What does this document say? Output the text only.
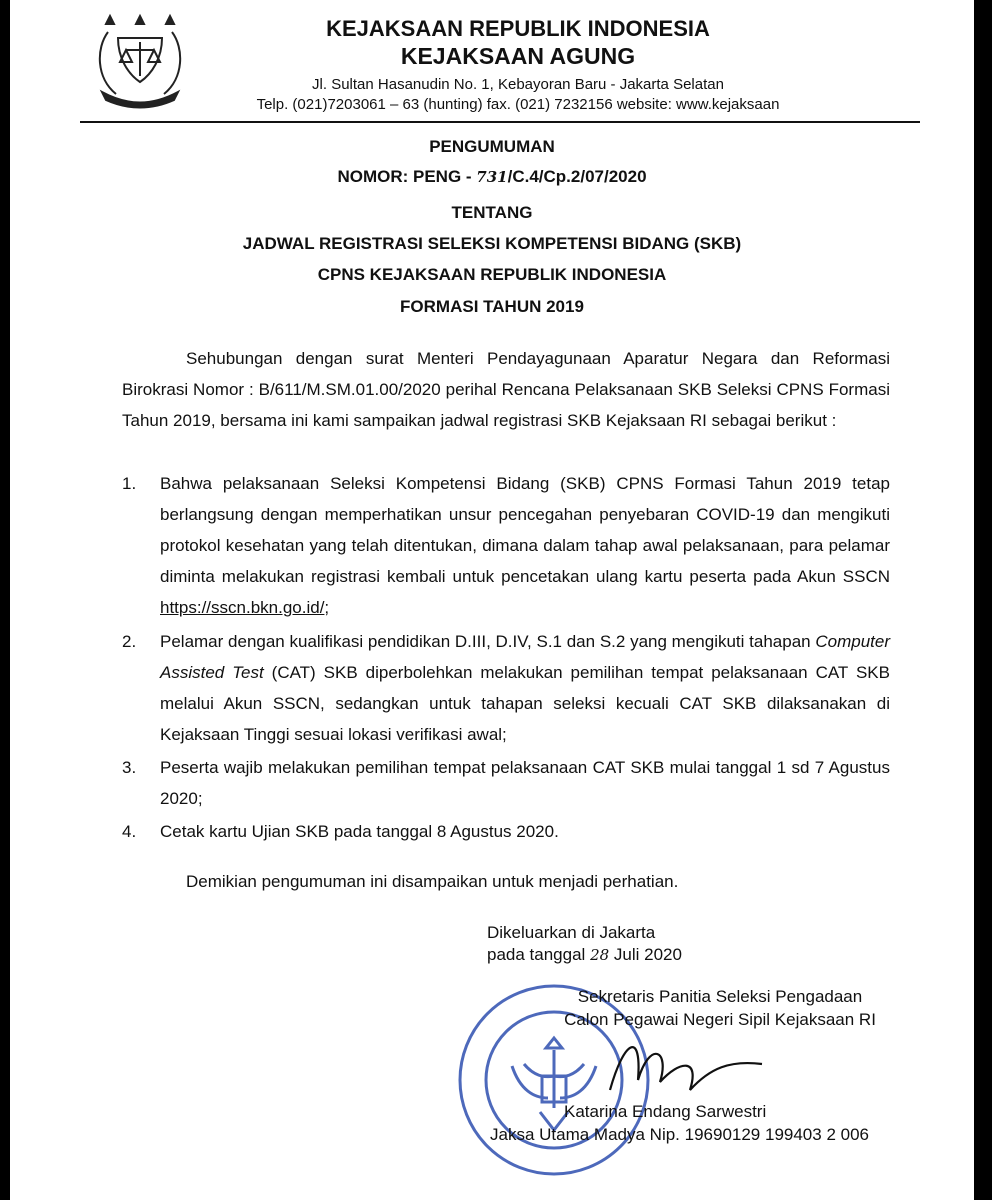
KEJAKSAAN REPUBLIK INDONESIA

KEJAKSAAN AGUNG

Jl. Sultan Hasanudin No. 1, Kebayoran Baru - Jakarta Selatan

Telp. (021)7203061 – 63 (hunting) fax. (021) 7232156 website: www.kejaksaan

PENGUMUMAN

NOMOR: PENG - 731/C.4/Cp.2/07/2020

TENTANG

JADWAL REGISTRASI SELEKSI KOMPETENSI BIDANG (SKB)

CPNS KEJAKSAAN REPUBLIK INDONESIA

FORMASI TAHUN 2019

Sehubungan dengan surat Menteri Pendayagunaan Aparatur Negara dan Reformasi Birokrasi Nomor : B/611/M.SM.01.00/2020 perihal Rencana Pelaksanaan SKB Seleksi CPNS Formasi Tahun 2019, bersama ini kami sampaikan jadwal registrasi SKB Kejaksaan RI sebagai berikut :

1.	Bahwa pelaksanaan Seleksi Kompetensi Bidang (SKB) CPNS Formasi Tahun 2019 tetap berlangsung dengan memperhatikan unsur pencegahan penyebaran COVID-19 dan mengikuti protokol kesehatan yang telah ditentukan, dimana dalam tahap awal pelaksanaan, para pelamar diminta melakukan registrasi kembali untuk pencetakan ulang kartu peserta pada Akun SSCN https://sscn.bkn.go.id/;
2.	Pelamar dengan kualifikasi pendidikan D.III, D.IV, S.1 dan S.2 yang mengikuti tahapan Computer Assisted Test (CAT) SKB diperbolehkan melakukan pemilihan tempat pelaksanaan CAT SKB melalui Akun SSCN, sedangkan untuk tahapan seleksi kecuali CAT SKB dilaksanakan di Kejaksaan Tinggi sesuai lokasi verifikasi awal;
3.	Peserta wajib melakukan pemilihan tempat pelaksanaan CAT SKB mulai tanggal 1 sd 7 Agustus 2020;
4.	Cetak kartu Ujian SKB pada tanggal 8 Agustus 2020.

Demikian pengumuman ini disampaikan untuk menjadi perhatian.

Dikeluarkan di Jakarta
pada tanggal 28 Juli 2020
Sekretaris Panitia Seleksi Pengadaan
Calon Pegawai Negeri Sipil Kejaksaan RI

Katarina Endang Sarwestri

Jaksa Utama Madya Nip. 19690129 199403 2 006
